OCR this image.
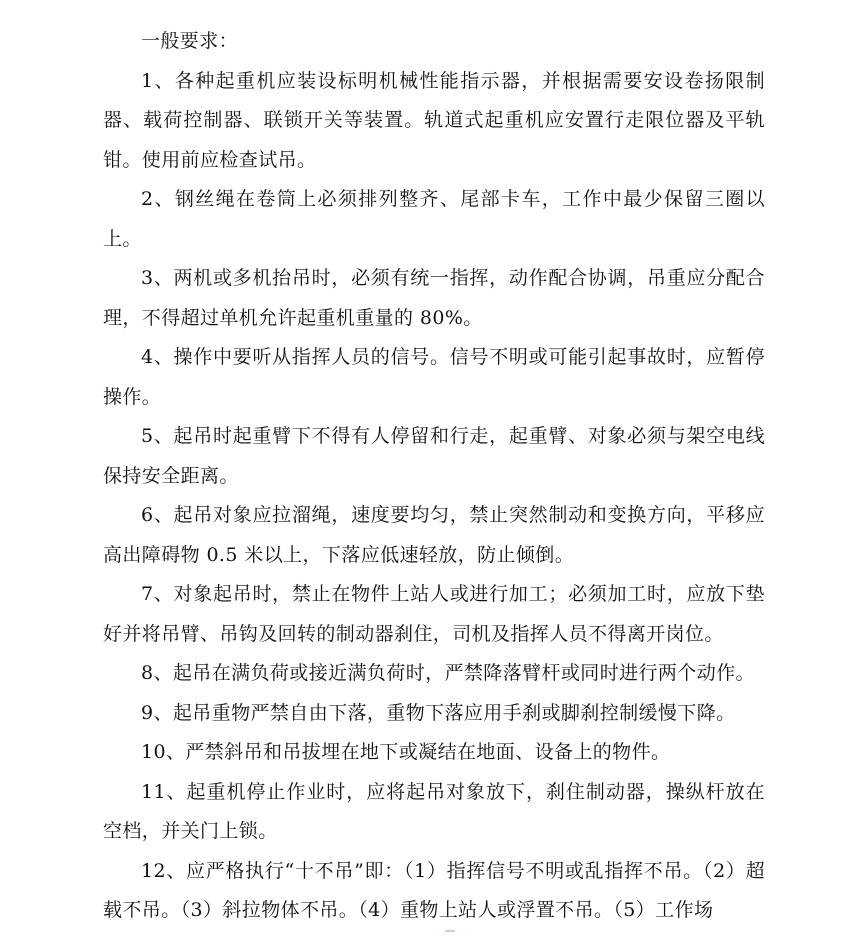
一般要求：

1、各种起重机应装设标明机械性能指示器，并根据需要安设卷扬限制器、载荷控制器、联锁开关等装置。轨道式起重机应安置行走限位器及平轨钳。使用前应检查试吊。

2、钢丝绳在卷筒上必须排列整齐、尾部卡车，工作中最少保留三圈以上。

3、两机或多机抬吊时，必须有统一指挥，动作配合协调，吊重应分配合理，不得超过单机允许起重机重量的 80%。

4、操作中要听从指挥人员的信号。信号不明或可能引起事故时，应暂停操作。

5、起吊时起重臂下不得有人停留和行走，起重臂、对象必须与架空电线保持安全距离。

6、起吊对象应拉溜绳，速度要均匀，禁止突然制动和变换方向，平移应高出障碍物 0.5 米以上，下落应低速轻放，防止倾倒。

7、对象起吊时，禁止在物件上站人或进行加工；必须加工时，应放下垫好并将吊臂、吊钩及回转的制动器刹住，司机及指挥人员不得离开岗位。

8、起吊在满负荷或接近满负荷时，严禁降落臂杆或同时进行两个动作。

9、起吊重物严禁自由下落，重物下落应用手刹或脚刹控制缓慢下降。

10、严禁斜吊和吊拔埋在地下或凝结在地面、设备上的物件。

11、起重机停止作业时，应将起吊对象放下，刹住制动器，操纵杆放在空档，并关门上锁。

12、应严格执行“十不吊”即：（1）指挥信号不明或乱指挥不吊。（2）超载不吊。（3）斜拉物体不吊。（4）重物上站人或浮置不吊。（5）工作场
